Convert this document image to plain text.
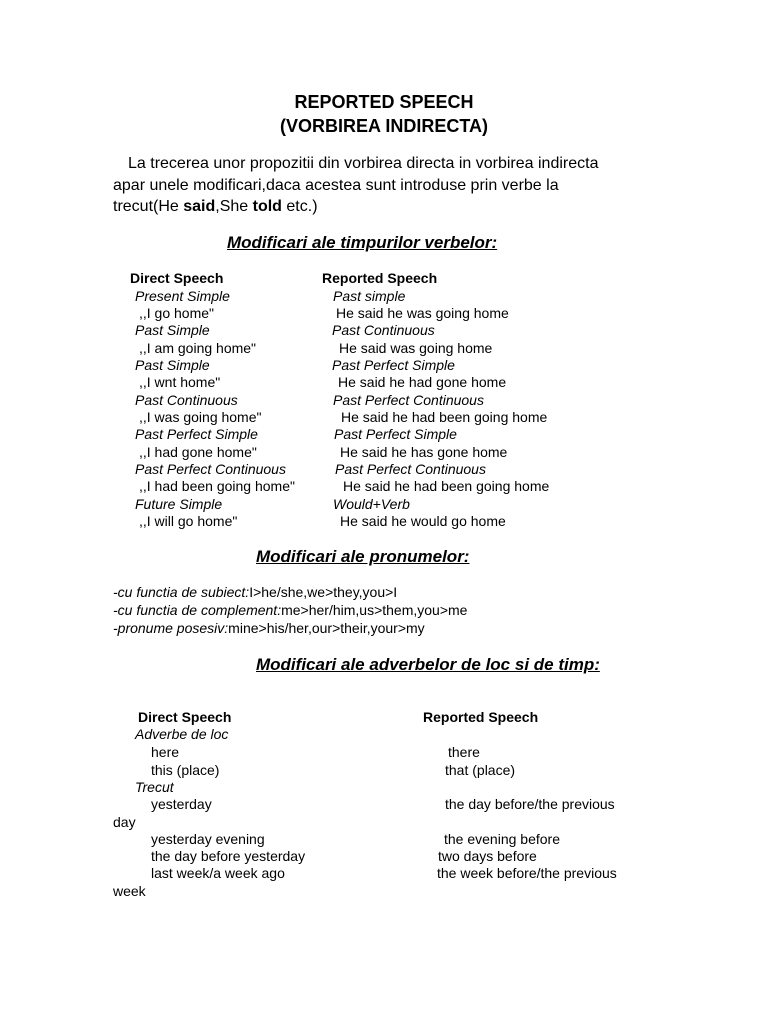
REPORTED SPEECH
(VORBIREA INDIRECTA)
La trecerea unor propozitii din vorbirea directa in vorbirea indirecta
apar unele modificari,daca acestea sunt introduse prin verbe la
trecut(He said,She told etc.)
Modificari ale timpurilor verbelor:
Direct Speech	Reported Speech
Present Simple	Past simple
,,I go home"	He said he was going home
Past Simple	Past Continuous
,,I am going home"	He said was going home
Past Simple	Past Perfect Simple
,,I wnt home"	He said he had gone home
Past Continuous	Past Perfect Continuous
,,I was going home"	He said he had been going home
Past Perfect Simple	Past Perfect Simple
,,I had gone home"	He said he has gone home
Past Perfect Continuous	Past Perfect Continuous
,,I had been going home"	He said he had been going home
Future Simple	Would+Verb
,,I will go home"	He said he would go home
Modificari ale pronumelor:
-cu functia de subiect:I>he/she,we>they,you>I
-cu functia de complement:me>her/him,us>them,you>me
-pronume posesiv:mine>his/her,our>their,your>my
Modificari ale adverbelor de loc si de timp:
Direct Speech	Reported Speech
Adverbe de loc
here	there
this (place)	that (place)
Trecut
yesterday	the day before/the previous
day
yesterday evening	the evening before
the day before yesterday	two days before
last week/a week ago	the week before/the previous
week
